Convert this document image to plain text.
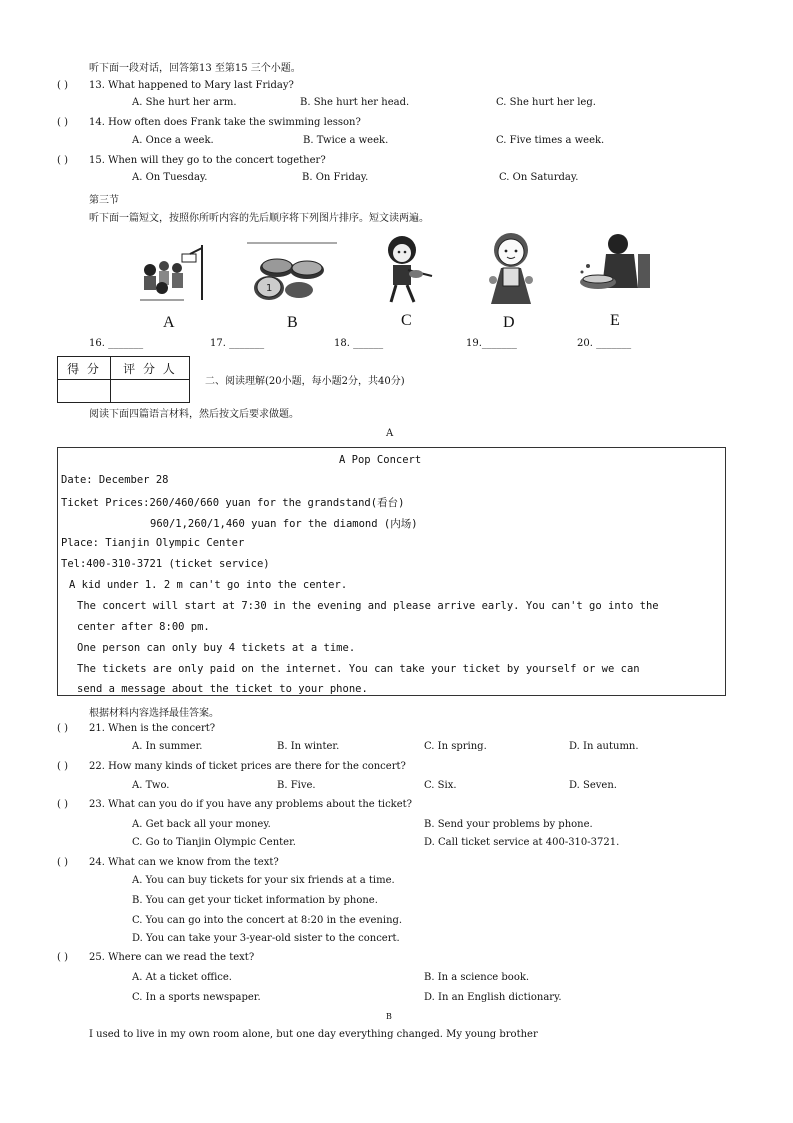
听下面一段对话，回答第13 至第15 三个小题。
( ) 13. What happened to Mary last Friday?
A. She hurt her arm.	B. She hurt her head.	C. She hurt her leg.
( ) 14. How often does Frank take the swimming lesson?
A. Once a week.	B. Twice a week.	C. Five times a week.
( ) 15. When will they go to the concert together?
A. On Tuesday.	B. On Friday.	C. On Saturday.
第三节
听下面一篇短文，按照你所听内容的先后顺序将下列图片排序。短文读两遍。
A
1
B	C	D	E
16. _______	17. _______	18. ______	19._______	20. _______
得 分	评 分 人

二、阅读理解(20小题，每小题2分，共40分)
阅读下面四篇语言材料，然后按文后要求做题。
A
A Pop Concert
Date: December 28
Ticket Prices:260/460/660 yuan for the grandstand(看台)
960/1,260/1,460 yuan for the diamond (内场)
Place: Tianjin Olympic Center
Tel:400-310-3721 (ticket service)
A kid under 1. 2 m can't go into the center.
The concert will start at 7:30 in the evening and please arrive early. You can't go into the
center after 8:00 pm.
One person can only buy 4 tickets at a time.
The tickets are only paid on the internet. You can take your ticket by yourself or we can
send a message about the ticket to your phone.
根据材料内容选择最佳答案。
( ) 21. When is the concert?
A. In summer.	B. In winter.	C. In spring.	D. In autumn.
( ) 22. How many kinds of ticket prices are there for the concert?
A. Two.	B. Five.	C. Six.	D. Seven.
( ) 23. What can you do if you have any problems about the ticket?
A. Get back all your money.	B. Send your problems by phone.
C. Go to Tianjin Olympic Center.	D. Call ticket service at 400-310-3721.
( ) 24. What can we know from the text?
A. You can buy tickets for your six friends at a time.
B. You can get your ticket information by phone.
C. You can go into the concert at 8:20 in the evening.
D. You can take your 3-year-old sister to the concert.
( ) 25. Where can we read the text?
A. At a ticket office.	B. In a science book.
C. In a sports newspaper.	D. In an English dictionary.
B
I used to live in my own room alone, but one day everything changed. My young brother
